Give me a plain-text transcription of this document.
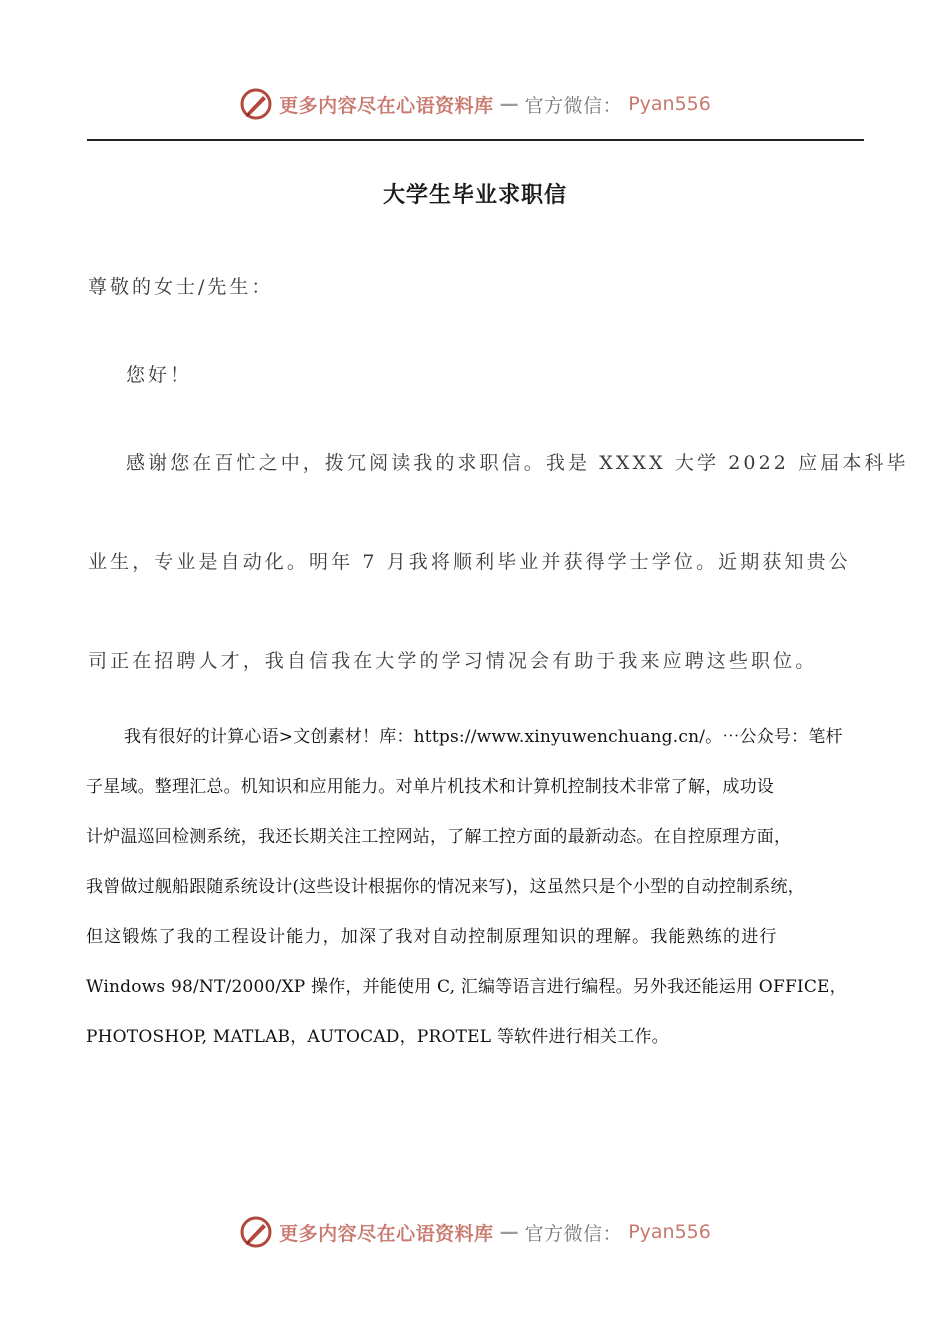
更多内容尽在心语资料库 — 官方微信： Pyan556
大学生毕业求职信
尊敬的女士/先生：
您好！
感谢您在百忙之中，拨冗阅读我的求职信。我是 XXXX 大学 2022 应届本科毕
业生，专业是自动化。明年 7 月我将顺利毕业并获得学士学位。近期获知贵公
司正在招聘人才，我自信我在大学的学习情况会有助于我来应聘这些职位。
我有很好的计算心语>文创素材！库：https://www.xinyuwenchuang.cn/。⋯公众号：笔杆
子星域。整理汇总。机知识和应用能力。对单片机技术和计算机控制技术非常了解，成功设
计炉温巡回检测系统，我还长期关注工控网站，了解工控方面的最新动态。在自控原理方面，
我曾做过舰船跟随系统设计(这些设计根据你的情况来写)，这虽然只是个小型的自动控制系统，
但这锻炼了我的工程设计能力，加深了我对自动控制原理知识的理解。我能熟练的进行
Windows 98/NT/2000/XP 操作，并能使用 C, 汇编等语言进行编程。另外我还能运用 OFFICE，
PHOTOSHOP, MATLAB，AUTOCAD，PROTEL 等软件进行相关工作。
更多内容尽在心语资料库 — 官方微信： Pyan556
